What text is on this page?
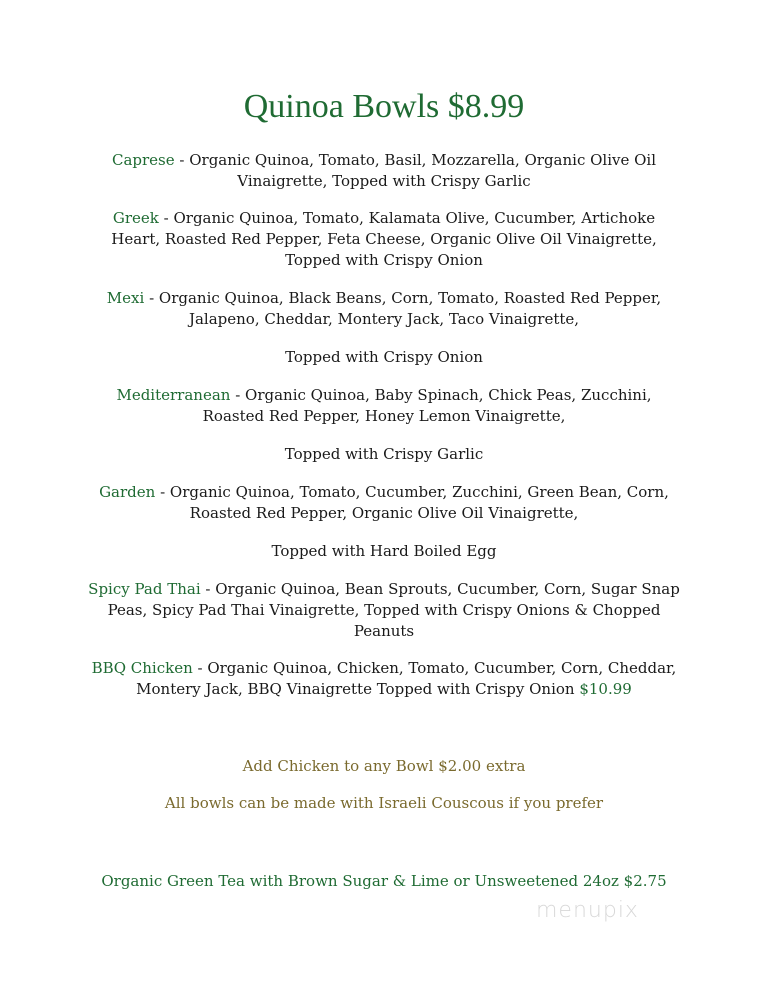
Quinoa Bowls $8.99

Caprese - Organic Quinoa, Tomato, Basil, Mozzarella, Organic Olive Oil Vinaigrette, Topped with Crispy Garlic

Greek - Organic Quinoa, Tomato, Kalamata Olive, Cucumber, Artichoke Heart, Roasted Red Pepper, Feta Cheese, Organic Olive Oil Vinaigrette, Topped with Crispy Onion

Mexi - Organic Quinoa, Black Beans, Corn, Tomato, Roasted Red Pepper, Jalapeno, Cheddar, Montery Jack, Taco Vinaigrette,

Topped with Crispy Onion

Mediterranean - Organic Quinoa, Baby Spinach, Chick Peas, Zucchini, Roasted Red Pepper, Honey Lemon Vinaigrette,

Topped with Crispy Garlic

Garden - Organic Quinoa, Tomato, Cucumber, Zucchini, Green Bean, Corn, Roasted Red Pepper, Organic Olive Oil Vinaigrette,

Topped with Hard Boiled Egg

Spicy Pad Thai - Organic Quinoa, Bean Sprouts, Cucumber, Corn, Sugar Snap Peas, Spicy Pad Thai Vinaigrette, Topped with Crispy Onions & Chopped Peanuts

BBQ Chicken - Organic Quinoa, Chicken, Tomato, Cucumber, Corn, Cheddar, Montery Jack, BBQ Vinaigrette Topped with Crispy Onion $10.99

Add Chicken to any Bowl $2.00 extra

All bowls can be made with Israeli Couscous if you prefer

Organic Green Tea with Brown Sugar & Lime or Unsweetened 24oz $2.75

menupix
